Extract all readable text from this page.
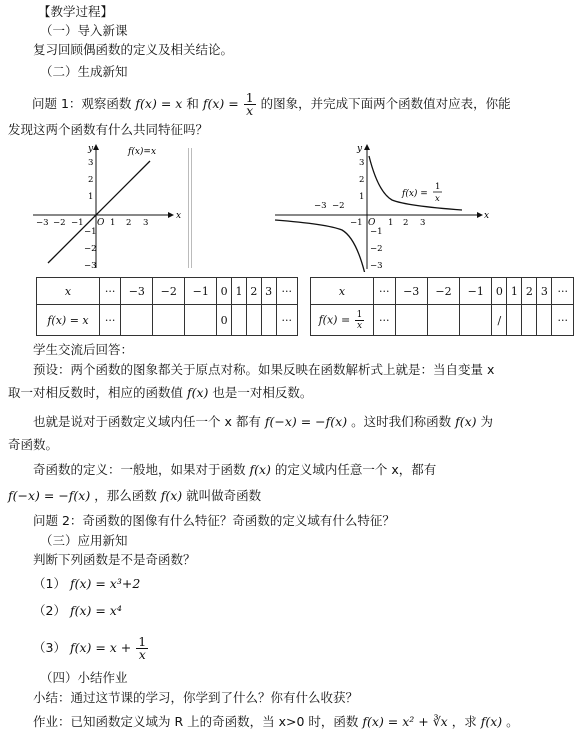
【教学过程】
（一）导入新课
复习回顾偶函数的定义及相关结论。
（二）生成新知
问题 1：观察函数 f(x) = x 和 $f(x) = \frac{1}{x}$ 的图象，并完成下面两个函数值对应表，你能
发现这两个函数有什么共同特征吗？
f(x)=x
y
x
O
−3 −2 −1	1 2 3
3
2
1
−1
−2
−3
f(x) =
1
x
y
x
O
−3 −2
−1	1 2 3
3
2
1
−1
−2
−3
x	···	−3	−2	−1	0	1	2	3	···
f(x) = x	···				0				···
x	···	−3	−2	−1	0	1	2	3	···
$f(x) = \frac{1}{x}$	···				/				···
学生交流后回答：
预设：两个函数的图象都关于原点对称。如果反映在函数解析式上就是：当自变量 x
取一对相反数时，相应的函数值 f(x) 也是一对相反数。
也就是说对于函数定义域内任一个 x 都有 f(−x) = −f(x) 。这时我们称函数 f(x) 为
奇函数。
奇函数的定义：一般地，如果对于函数 f(x) 的定义域内任意一个 x，都有
f(−x) = −f(x) ，那么函数 f(x) 就叫做奇函数
问题 2：奇函数的图像有什么特征？奇函数的定义域有什么特征？
（三）应用新知
判断下列函数是不是奇函数？
（1） f(x) = x³+2
（2） f(x) = x⁴
（3） $f(x) = x + \frac{1}{x}$
（四）小结作业
小结：通过这节课的学习，你学到了什么？你有什么收获？
作业：已知函数定义域为 R 上的奇函数，当 x>0 时，函数 f(x) = x² + ∛x ，求 f(x) 。
